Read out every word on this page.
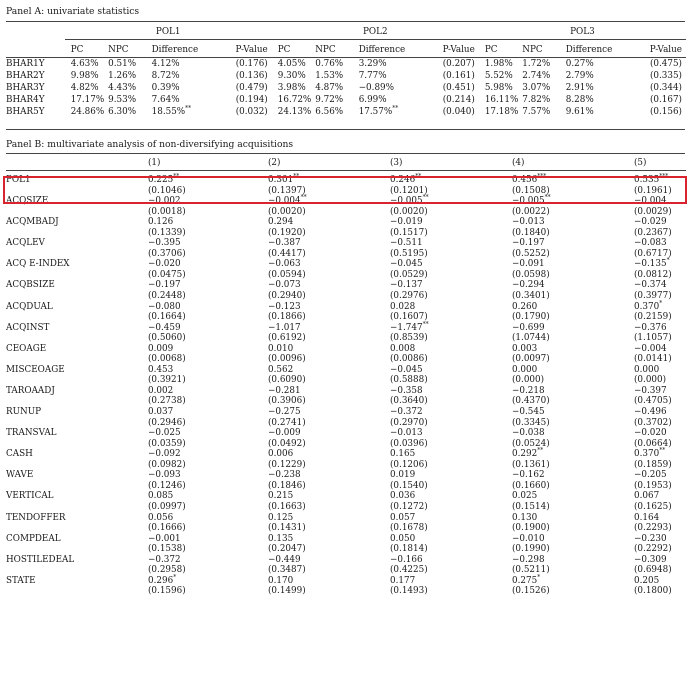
Panel A: univariate statistics
	POL1				POL2				POL3			

	PC	NPC	Difference	P-Value	PC	NPC	Difference	P-Value	PC	NPC	Difference	P-Value
BHAR1Y	4.63%	0.51%	4.12%	(0.176)	4.05%	0.76%	3.29%	(0.207)	1.98%	1.72%	0.27%	(0.475)
BHAR2Y	9.98%	1.26%	8.72%	(0.136)	9.30%	1.53%	7.77%	(0.161)	5.52%	2.74%	2.79%	(0.335)
BHAR3Y	4.82%	4.43%	0.39%	(0.479)	3.98%	4.87%	−0.89%	(0.451)	5.98%	3.07%	2.91%	(0.344)
BHAR4Y	17.17%	9.53%	7.64%	(0.194)	16.72%	9.72%	6.99%	(0.214)	16.11%	7.82%	8.28%	(0.167)
BHAR5Y	24.86%	6.30%	18.55%**	(0.032)	24.13%	6.56%	17.57%**	(0.040)	17.18%	7.57%	9.61%	(0.156)
Panel B: multivariate analysis of non-diversifying acquisitions
	(1)	(2)	(3)	(4)	(5)

POL1	0.225**	0.301**	0.246**	0.456***	0.535***
	(0.1046)	(0.1397)	(0.1201)	(0.1508)	(0.1961)
ACQSIZE	−0.002	−0.004**	−0.005**	−0.005**	−0.004
	(0.0018)	(0.0020)	(0.0020)	(0.0022)	(0.0029)
ACQMBADJ	0.126	0.294	−0.019	−0.013	−0.029
	(0.1339)	(0.1920)	(0.1517)	(0.1840)	(0.2367)
ACQLEV	−0.395	−0.387	−0.511	−0.197	−0.083
	(0.3706)	(0.4417)	(0.5195)	(0.5252)	(0.6717)
ACQ E-INDEX	−0.020	−0.063	−0.045	−0.091	−0.135*
	(0.0475)	(0.0594)	(0.0529)	(0.0598)	(0.0812)
ACQBSIZE	−0.197	−0.073	−0.137	−0.294	−0.374
	(0.2448)	(0.2940)	(0.2976)	(0.3401)	(0.3977)
ACQDUAL	−0.080	−0.123	0.028	0.260	0.370*
	(0.1664)	(0.1866)	(0.1607)	(0.1790)	(0.2159)
ACQINST	−0.459	−1.017	−1.747**	−0.699	−0.376
	(0.5060)	(0.6192)	(0.8539)	(1.0744)	(1.1057)
CEOAGE	0.009	0.010	0.008	0.003	−0.004
	(0.0068)	(0.0096)	(0.0086)	(0.0097)	(0.0141)
MISCEOAGE	0.453	0.562	−0.045	0.000	0.000
	(0.3921)	(0.6090)	(0.5888)	(0.000)	(0.000)
TAROAADJ	0.002	−0.281	−0.358	−0.218	−0.397
	(0.2738)	(0.3906)	(0.3640)	(0.4370)	(0.4705)
RUNUP	0.037	−0.275	−0.372	−0.545	−0.496
	(0.2946)	(0.2741)	(0.2970)	(0.3345)	(0.3702)
TRANSVAL	−0.025	−0.009	−0.013	−0.038	−0.020
	(0.0359)	(0.0492)	(0.0396)	(0.0524)	(0.0664)
CASH	−0.092	0.006	0.165	0.292**	0.370**
	(0.0982)	(0.1229)	(0.1206)	(0.1361)	(0.1859)
WAVE	−0.093	−0.238	0.019	−0.162	−0.205
	(0.1246)	(0.1846)	(0.1540)	(0.1660)	(0.1953)
VERTICAL	0.085	0.215	0.036	0.025	0.067
	(0.0997)	(0.1663)	(0.1272)	(0.1514)	(0.1625)
TENDOFFER	0.056	0.125	0.057	0.130	0.164
	(0.1666)	(0.1431)	(0.1678)	(0.1900)	(0.2293)
COMPDEAL	−0.001	0.135	0.050	−0.010	−0.230
	(0.1538)	(0.2047)	(0.1814)	(0.1990)	(0.2292)
HOSTILEDEAL	−0.372	−0.449	−0.166	−0.298	−0.309
	(0.2958)	(0.3487)	(0.4225)	(0.5211)	(0.6948)
STATE	0.296*	0.170	0.177	0.275*	0.205
	(0.1596)	(0.1499)	(0.1493)	(0.1526)	(0.1800)
